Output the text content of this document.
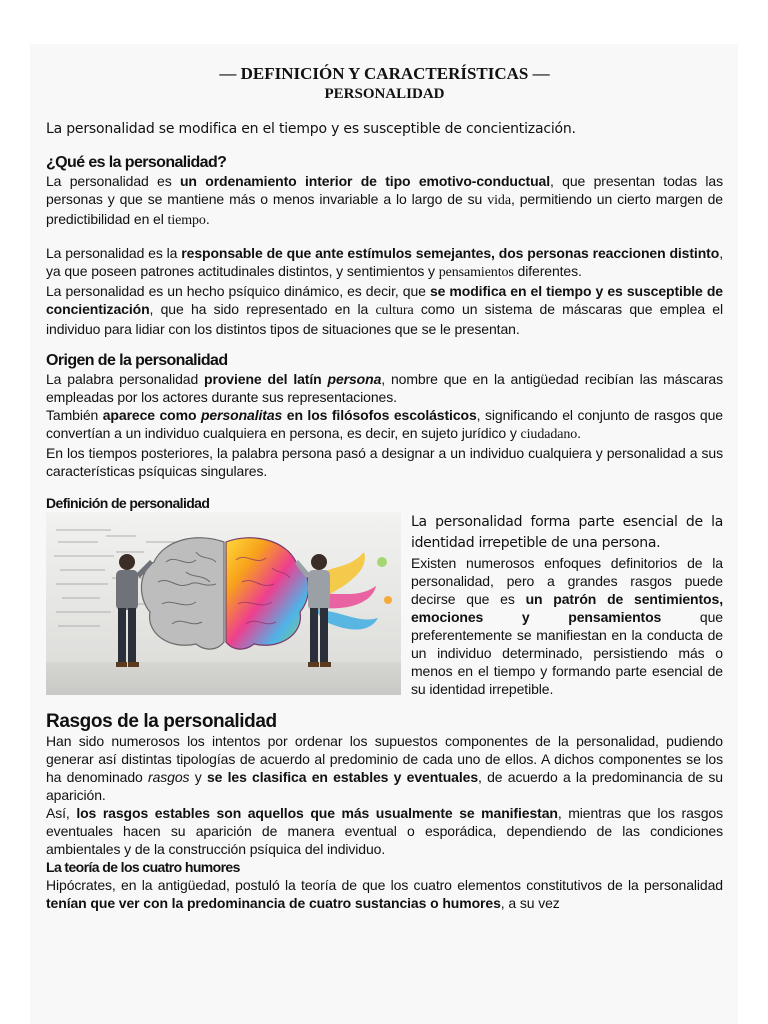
— DEFINICIÓN Y CARACTERÍSTICAS —
PERSONALIDAD

La personalidad se modifica en el tiempo y es susceptible de concientización.

¿Qué es la personalidad?

La personalidad es un ordenamiento interior de tipo emotivo-conductual, que presentan todas las personas y que se mantiene más o menos invariable a lo largo de su vida, permitiendo un cierto margen de predictibilidad en el tiempo.

La personalidad es la responsable de que ante estímulos semejantes, dos personas reaccionen distinto, ya que poseen patrones actitudinales distintos, y sentimientos y pensamientos diferentes.

La personalidad es un hecho psíquico dinámico, es decir, que se modifica en el tiempo y es susceptible de concientización, que ha sido representado en la cultura como un sistema de máscaras que emplea el individuo para lidiar con los distintos tipos de situaciones que se le presentan.

Origen de la personalidad

La palabra personalidad proviene del latín persona, nombre que en la antigüedad recibían las máscaras empleadas por los actores durante sus representaciones.

También aparece como personalitas en los filósofos escolásticos, significando el conjunto de rasgos que convertían a un individuo cualquiera en persona, es decir, en sujeto jurídico y ciudadano.

En los tiempos posteriores, la palabra persona pasó a designar a un individuo cualquiera y personalidad a sus características psíquicas singulares.

Definición de personalidad

La personalidad forma parte esencial de la identidad irrepetible de una persona.

Existen numerosos enfoques definitorios de la personalidad, pero a grandes rasgos puede decirse que es un patrón de sentimientos, emociones y pensamientos que preferentemente se manifiestan en la conducta de un individuo determinado, persistiendo más o menos en el tiempo y formando parte esencial de su identidad irrepetible.

Rasgos de la personalidad

Han sido numerosos los intentos por ordenar los supuestos componentes de la personalidad, pudiendo generar así distintas tipologías de acuerdo al predominio de cada uno de ellos. A dichos componentes se los ha denominado rasgos y se les clasifica en estables y eventuales, de acuerdo a la predominancia de su aparición.

Así, los rasgos estables son aquellos que más usualmente se manifiestan, mientras que los rasgos eventuales hacen su aparición de manera eventual o esporádica, dependiendo de las condiciones ambientales y de la construcción psíquica del individuo.

La teoría de los cuatro humores

Hipócrates, en la antigüedad, postuló la teoría de que los cuatro elementos constitutivos de la personalidad tenían que ver con la predominancia de cuatro sustancias o humores, a su vez
